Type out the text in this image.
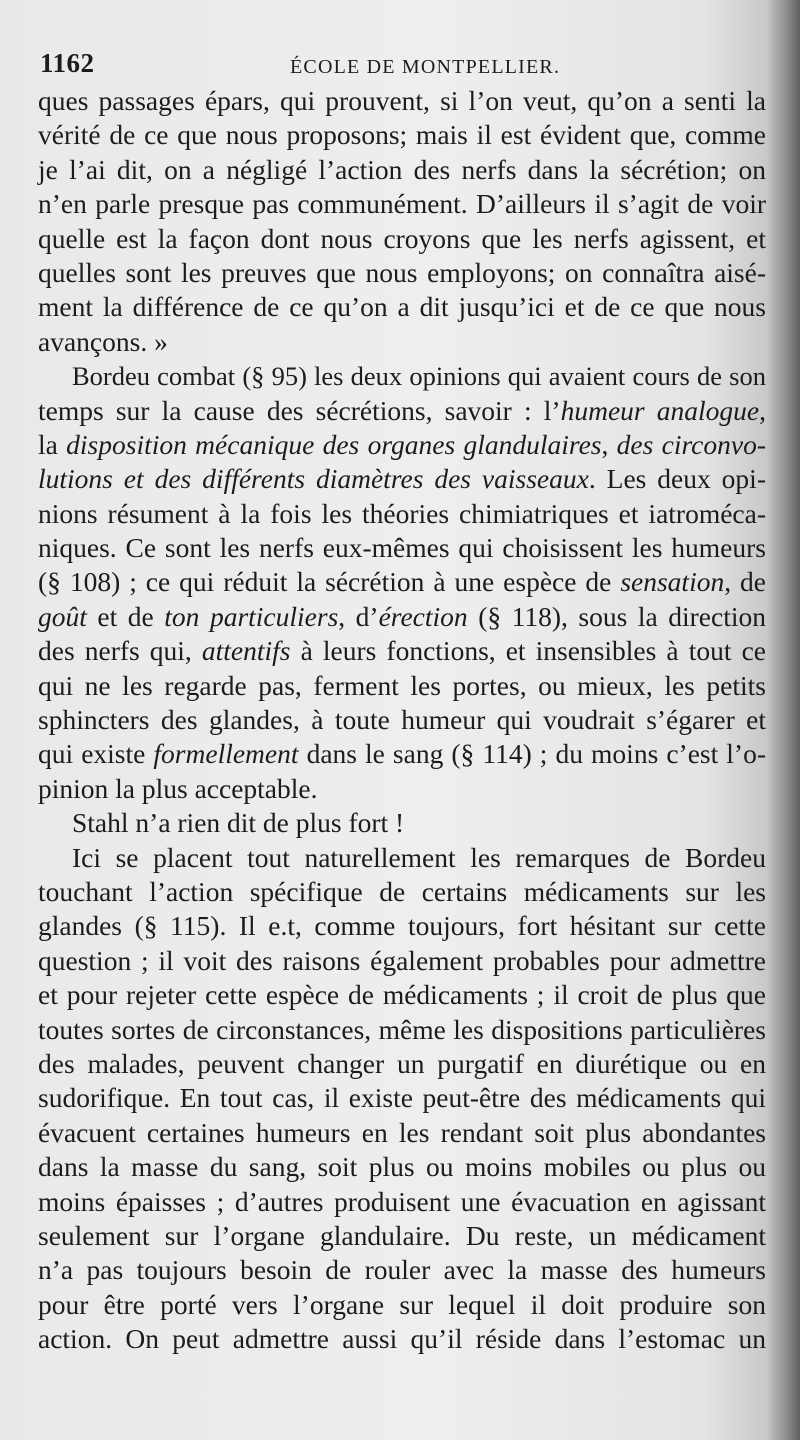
1162	ÉCOLE DE MONTPELLIER.
ques passages épars, qui prouvent, si l’on veut, qu’on a senti la
vérité de ce que nous proposons; mais il est évident que, comme
je l’ai dit, on a négligé l’action des nerfs dans la sécrétion; on
n’en parle presque pas communément. D’ailleurs il s’agit de voir
quelle est la façon dont nous croyons que les nerfs agissent, et
quelles sont les preuves que nous employons; on connaîtra aisé-
ment la différence de ce qu’on a dit jusqu’ici et de ce que nous
avançons. »
Bordeu combat (§ 95) les deux opinions qui avaient cours de son
temps sur la cause des sécrétions, savoir : l’humeur analogue,
la disposition mécanique des organes glandulaires, des circonvo-
lutions et des différents diamètres des vaisseaux. Les deux opi-
nions résument à la fois les théories chimiatriques et iatroméca-
niques. Ce sont les nerfs eux-mêmes qui choisissent les humeurs
(§ 108) ; ce qui réduit la sécrétion à une espèce de sensation, de
goût et de ton particuliers, d’érection (§ 118), sous la direction
des nerfs qui, attentifs à leurs fonctions, et insensibles à tout ce
qui ne les regarde pas, ferment les portes, ou mieux, les petits
sphincters des glandes, à toute humeur qui voudrait s’égarer et
qui existe formellement dans le sang (§ 114) ; du moins c’est l’o-
pinion la plus acceptable.
Stahl n’a rien dit de plus fort !
Ici se placent tout naturellement les remarques de Bordeu
touchant l’action spécifique de certains médicaments sur les
glandes (§ 115). Il e.t, comme toujours, fort hésitant sur cette
question ; il voit des raisons également probables pour admettre
et pour rejeter cette espèce de médicaments ; il croit de plus que
toutes sortes de circonstances, même les dispositions particulières
des malades, peuvent changer un purgatif en diurétique ou en
sudorifique. En tout cas, il existe peut-être des médicaments qui
évacuent certaines humeurs en les rendant soit plus abondantes
dans la masse du sang, soit plus ou moins mobiles ou plus ou
moins épaisses ; d’autres produisent une évacuation en agissant
seulement sur l’organe glandulaire. Du reste, un médicament
n’a pas toujours besoin de rouler avec la masse des humeurs
pour être porté vers l’organe sur lequel il doit produire son
action. On peut admettre aussi qu’il réside dans l’estomac un
